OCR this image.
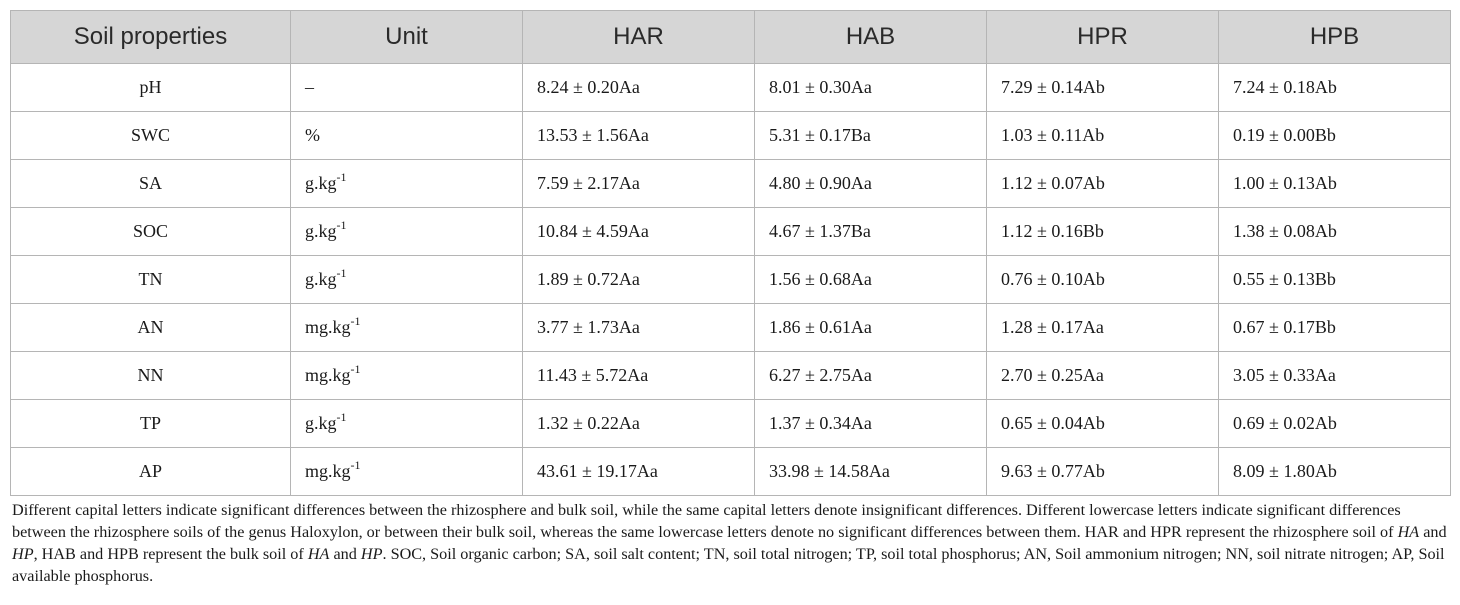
Soil properties	Unit	HAR	HAB	HPR	HPB
pH	–	8.24 ± 0.20Aa	8.01 ± 0.30Aa	7.29 ± 0.14Ab	7.24 ± 0.18Ab
SWC	%	13.53 ± 1.56Aa	5.31 ± 0.17Ba	1.03 ± 0.11Ab	0.19 ± 0.00Bb
SA	$g.kg^{-1}$	7.59 ± 2.17Aa	4.80 ± 0.90Aa	1.12 ± 0.07Ab	1.00 ± 0.13Ab
SOC	$g.kg^{-1}$	10.84 ± 4.59Aa	4.67 ± 1.37Ba	1.12 ± 0.16Bb	1.38 ± 0.08Ab
TN	$g.kg^{-1}$	1.89 ± 0.72Aa	1.56 ± 0.68Aa	0.76 ± 0.10Ab	0.55 ± 0.13Bb
AN	$mg.kg^{-1}$	3.77 ± 1.73Aa	1.86 ± 0.61Aa	1.28 ± 0.17Aa	0.67 ± 0.17Bb
NN	$mg.kg^{-1}$	11.43 ± 5.72Aa	6.27 ± 2.75Aa	2.70 ± 0.25Aa	3.05 ± 0.33Aa
TP	$g.kg^{-1}$	1.32 ± 0.22Aa	1.37 ± 0.34Aa	0.65 ± 0.04Ab	0.69 ± 0.02Ab
AP	$mg.kg^{-1}$	43.61 ± 19.17Aa	33.98 ± 14.58Aa	9.63 ± 0.77Ab	8.09 ± 1.80Ab
Different capital letters indicate significant differences between the rhizosphere and bulk soil, while the same capital letters denote insignificant differences. Different lowercase letters indicate significant differences between the rhizosphere soils of the genus Haloxylon, or between their bulk soil, whereas the same lowercase letters denote no significant differences between them. HAR and HPR represent the rhizosphere soil of HA and HP, HAB and HPB represent the bulk soil of HA and HP. SOC, Soil organic carbon; SA, soil salt content; TN, soil total nitrogen; TP, soil total phosphorus; AN, Soil ammonium nitrogen; NN, soil nitrate nitrogen; AP, Soil available phosphorus.
